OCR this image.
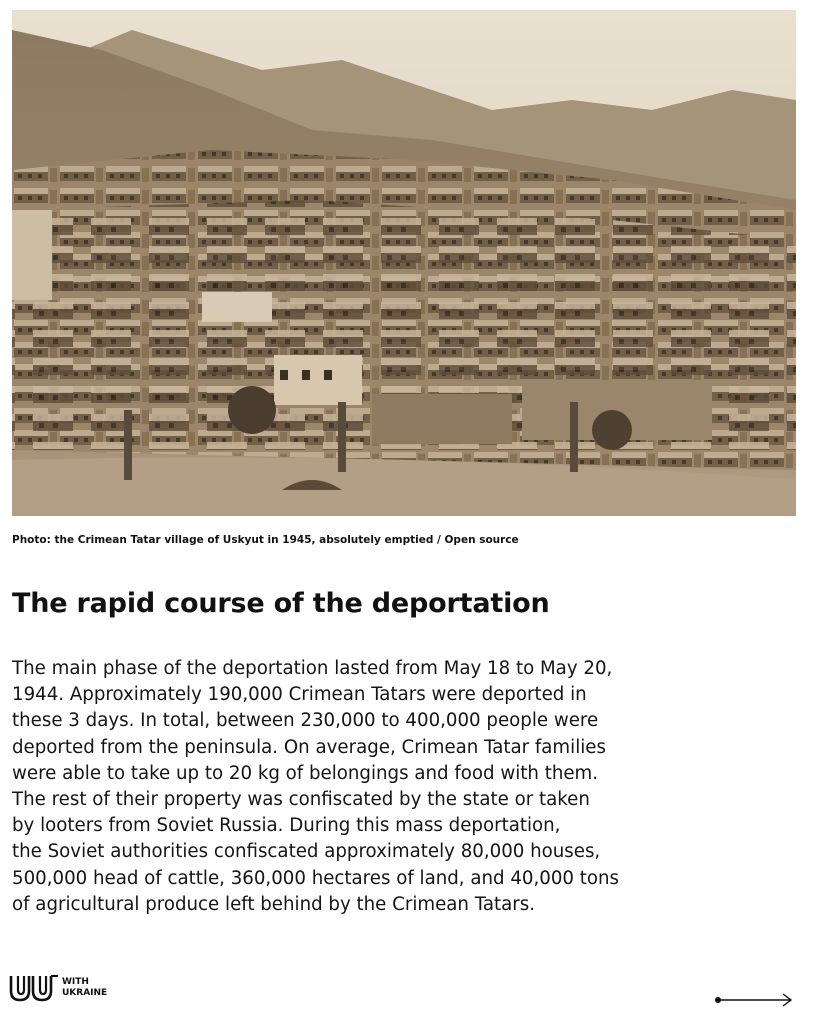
Photo: the Crimean Tatar village of Uskyut in 1945, absolutely emptied / Open source
The rapid course of the deportation
The main phase of the deportation lasted from May 18 to May 20,
1944. Approximately 190,000 Crimean Tatars were deported in
these 3 days. In total, between 230,000 to 400,000 people were
deported from the peninsula. On average, Crimean Tatar families
were able to take up to 20 kg of belongings and food with them.
The rest of their property was confiscated by the state or taken
by looters from Soviet Russia. During this mass deportation,
the Soviet authorities confiscated approximately 80,000 houses,
500,000 head of cattle, 360,000 hectares of land, and 40,000 tons
of agricultural produce left behind by the Crimean Tatars.
WITH
UKRAINE
